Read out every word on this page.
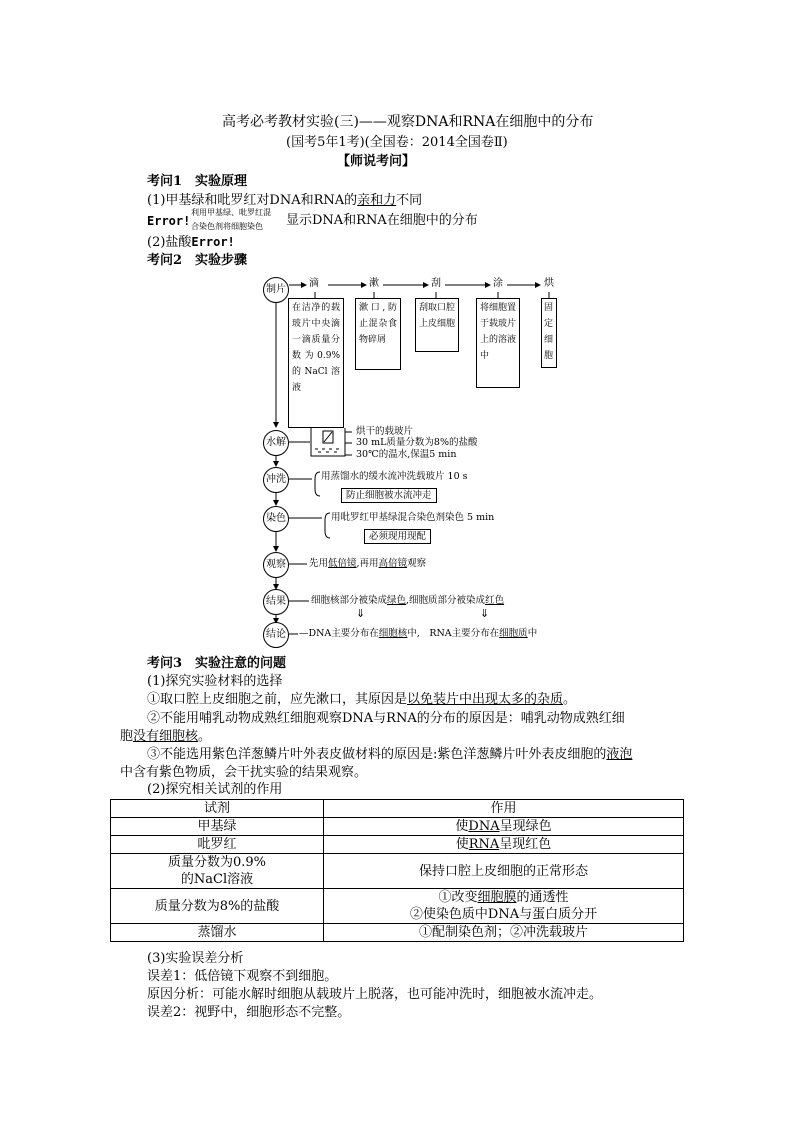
高考必考教材实验(三)——观察DNA和RNA在细胞中的分布
(国考5年1考)(全国卷：2014全国卷Ⅱ)
【师说考问】
考问1　实验原理
(1)甲基绿和吡罗红对DNA和RNA的亲和力不同
Error!
利用甲基绿、吡罗红混
合染色剂将细胞染色 显示DNA和RNA在细胞中的分布
(2)盐酸Error!
考问2　实验步骤
⇓	⇓
制片
水解
冲洗
染色
观察
结果
结论
滴	漱	刮	涂	烘
在洁净的载玻片中央滴一滴质量分数为0.9%的NaCl溶液
漱口,防止混杂食物碎屑
刮取口腔上皮细胞
将细胞置于载玻片上的溶液中
固定细胞
烘干的载玻片
30 mL质量分数为8%的盐酸
30℃的温水,保温5 min
用蒸馏水的缓水流冲洗载玻片 10 s
防止细胞被水流冲走
用吡罗红甲基绿混合染色剂染色 5 min
必须现用现配
先用低倍镜,再用高倍镜观察
细胞核部分被染成绿色,细胞质部分被染成红色
—DNA主要分布在细胞核中,　RNA主要分布在细胞质中
考问3　实验注意的问题
(1)探究实验材料的选择
①取口腔上皮细胞之前，应先漱口，其原因是以免装片中出现太多的杂质。
②不能用哺乳动物成熟红细胞观察DNA与RNA的分布的原因是：哺乳动物成熟红细
胞没有细胞核。
③不能选用紫色洋葱鳞片叶外表皮做材料的原因是:紫色洋葱鳞片叶外表皮细胞的液泡
中含有紫色物质，会干扰实验的结果观察。
(2)探究相关试剂的作用
试剂	作用
甲基绿	使DNA呈现绿色
吡罗红	使RNA呈现红色

质量分数为0.9%
的NaCl溶液	保持口腔上皮细胞的正常形态
质量分数为8%的盐酸	①改变细胞膜的通透性
②使染色质中DNA与蛋白质分开

蒸馏水	①配制染色剂；②冲洗载玻片
(3)实验误差分析
误差1：低倍镜下观察不到细胞。
原因分析：可能水解时细胞从载玻片上脱落，也可能冲洗时，细胞被水流冲走。
误差2：视野中，细胞形态不完整。
